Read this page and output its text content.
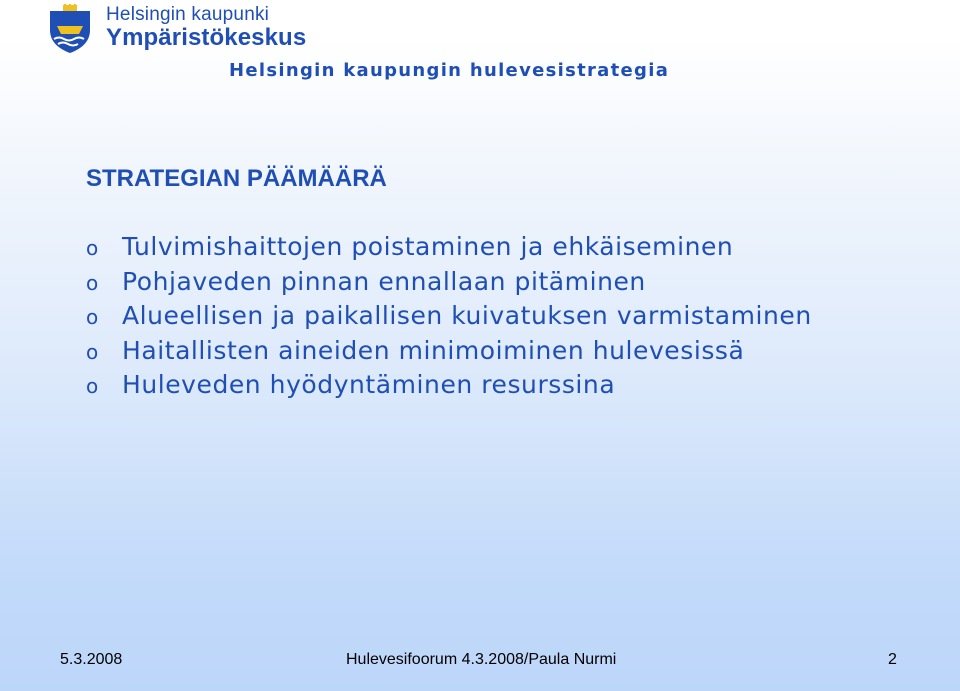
Helsingin kaupunki
Ympäristökeskus
Helsingin kaupungin hulevesistrategia
STRATEGIAN PÄÄMÄÄRÄ
o Tulvimishaittojen poistaminen ja ehkäiseminen
o Pohjaveden pinnan ennallaan pitäminen
o Alueellisen ja paikallisen kuivatuksen varmistaminen
o Haitallisten aineiden minimoiminen hulevesissä
o Huleveden hyödyntäminen resurssina
5.3.2008	Hulevesifoorum 4.3.2008/Paula Nurmi	2
